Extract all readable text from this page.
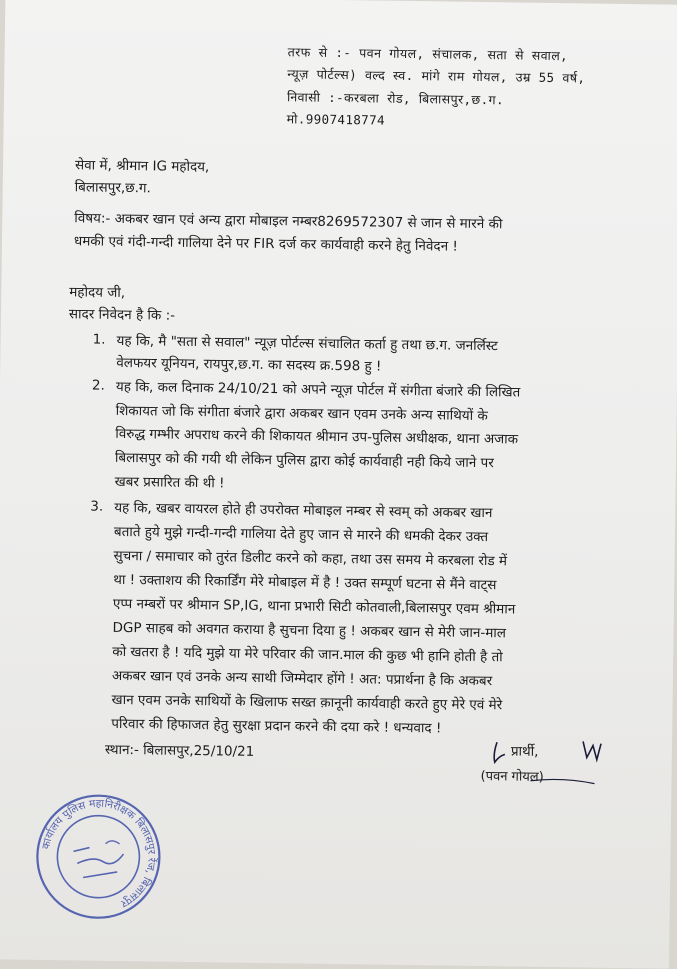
तरफ से :- पवन गोयल, संचालक, सता से सवाल,
न्यूज़ पोर्टल्स) वल्द स्व. मांगे राम गोयल, उम्र 55 वर्ष,
निवासी :-करबला रोड, बिलासपुर,छ.ग.
मो.9907418774
सेवा में, श्रीमान IG महोदय,
बिलासपुर,छ.ग.
विषय:- अकबर खान एवं अन्य द्वारा मोबाइल नम्बर8269572307 से जान से मारने की
धमकी एवं गंदी-गन्दी गालिया देने पर FIR दर्ज कर कार्यवाही करने हेतु निवेदन !
महोदय जी,
सादर निवेदन है कि :-
1. यह कि, मै "सता से सवाल" न्यूज़ पोर्टल्स संचालित कर्ता हु तथा छ.ग. जनर्लिस्ट
वेलफयर यूनियन, रायपुर,छ.ग. का सदस्य क्र.598 हु !
2. यह कि, कल दिनाक 24/10/21 को अपने न्यूज़ पोर्टल में संगीता बंजारे की लिखित
शिकायत जो कि संगीता बंजारे द्वारा अकबर खान एवम उनके अन्य साथियों के
विरुद्ध गम्भीर अपराध करने की शिकायत श्रीमान उप-पुलिस अधीक्षक, थाना अजाक
बिलासपुर को की गयी थी लेकिन पुलिस द्वारा कोई कार्यवाही नही किये जाने पर
खबर प्रसारित की थी !
3. यह कि, खबर वायरल होते ही उपरोक्त मोबाइल नम्बर से स्वम् को अकबर खान
बताते हुये मुझे गन्दी-गन्दी गालिया देते हुए जान से मारने की धमकी देकर उक्त
सुचना / समाचार को तुरंत डिलीट करने को कहा, तथा उस समय मे करबला रोड में
था ! उक्ताशय की रिकार्डिंग मेरे मोबाइल में है ! उक्त सम्पूर्ण घटना से मैंने वाट्स
एप्प नम्बरों पर श्रीमान SP,IG, थाना प्रभारी सिटी कोतवाली,बिलासपुर एवम श्रीमान
DGP साहब को अवगत कराया है सुचना दिया हु ! अकबर खान से मेरी जान-माल
को खतरा है ! यदि मुझे या मेरे परिवार की जान.माल की कुछ भी हानि होती है तो
अकबर खान एवं उनके अन्य साथी जिम्मेदार होंगे ! अत: पप्रार्थना है कि अकबर
खान एवम उनके साथियों के खिलाफ सख्त क़ानूनी कार्यवाही करते हुए मेरे एवं मेरे
परिवार की हिफाजत हेतु सुरक्षा प्रदान करने की दया करे ! धन्यवाद !
स्थान:- बिलासपुर,25/10/21	प्रार्थी,
(पवन गोयल)
कार्यालय पुलिस महानिरीक्षक बिलासपुर रेंज, बिलासपुर
